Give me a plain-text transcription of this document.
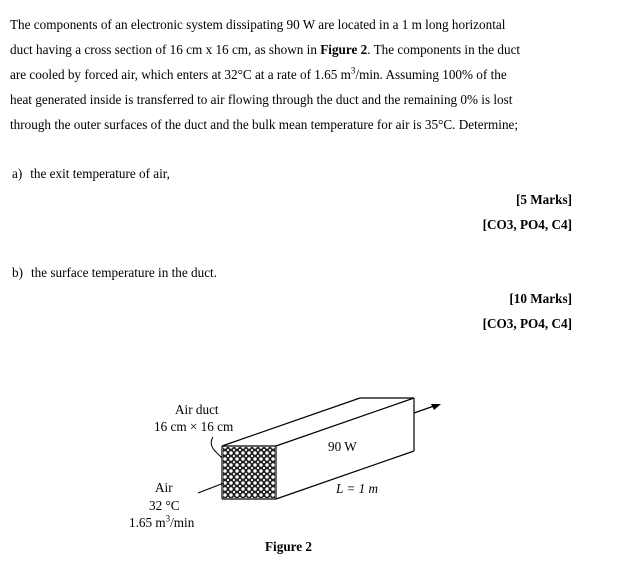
The components of an electronic system dissipating 90 W are located in a 1 m long horizontal
duct having a cross section of 16 cm x 16 cm, as shown in Figure 2. The components in the duct
are cooled by forced air, which enters at 32°C at a rate of 1.65 $m^3/\min$. Assuming 100% of the
heat generated inside is transferred to air flowing through the duct and the remaining 0% is lost
through the outer surfaces of the duct and the bulk mean temperature for air is 35°C. Determine;
a) the exit temperature of air,
[5 Marks]
[CO3, PO4, C4]
b) the surface temperature in the duct.
[10 Marks]
[CO3, PO4, C4]
Air duct
16 cm × 16 cm
90 W
L = 1 m
Air
32 °C
1.65 $m^3/\min$
Figure 2
